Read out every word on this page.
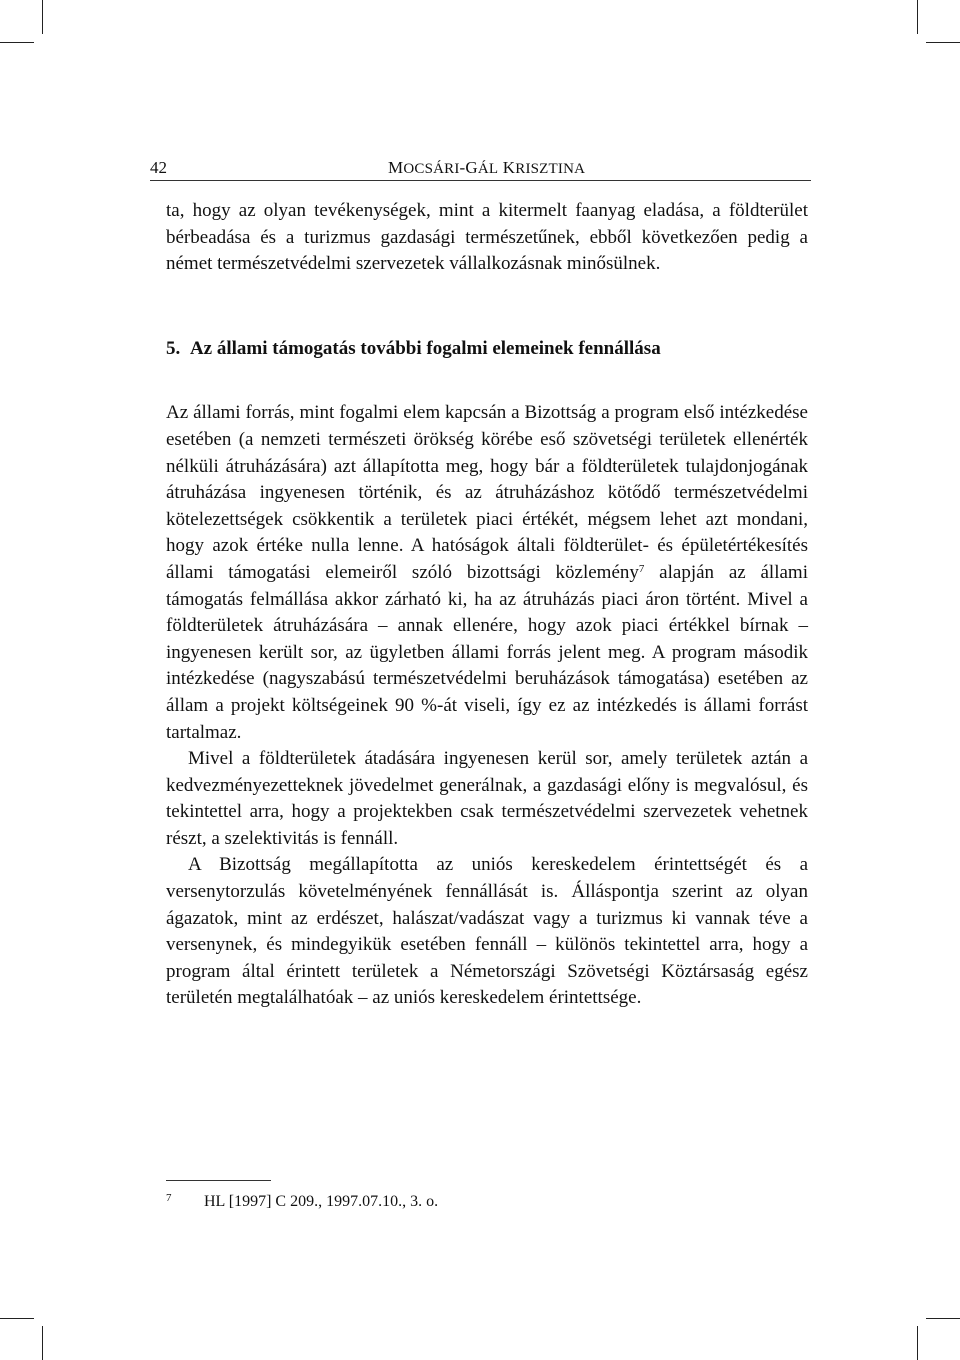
42	MOCSÁRI-GÁL KRISZTINA

ta, hogy az olyan tevékenységek, mint a kitermelt faanyag eladása, a földterület bérbeadása és a turizmus gazdasági természetűnek, ebből következően pedig a német természetvédelmi szervezetek vállalkozásnak minősülnek.

5. Az állami támogatás további fogalmi elemeinek fennállása

Az állami forrás, mint fogalmi elem kapcsán a Bizottság a program első intézkedése esetében (a nemzeti természeti örökség körébe eső szövetségi területek ellenérték nélküli átruházására) azt állapította meg, hogy bár a földterületek tulajdonjogának átruházása ingyenesen történik, és az átruházáshoz kötődő természetvédelmi kötelezettségek csökkentik a területek piaci értékét, mégsem lehet azt mondani, hogy azok értéke nulla lenne. A hatóságok általi földterület- és épületértékesítés állami támogatási elemeiről szóló bizottsági közlemény$^7$ alapján az állami támogatás felmállása akkor zárható ki, ha az átruházás piaci áron történt. Mivel a földterületek átruházására – annak ellenére, hogy azok piaci értékkel bírnak – ingyenesen került sor, az ügyletben állami forrás jelent meg. A program második intézkedése (nagyszabású természetvédelmi beruházások támogatása) esetében az állam a projekt költségeinek 90 %-át viseli, így ez az intézkedés is állami forrást tartalmaz.

Mivel a földterületek átadására ingyenesen kerül sor, amely területek aztán a kedvezményezetteknek jövedelmet generálnak, a gazdasági előny is megvalósul, és tekintettel arra, hogy a projektekben csak természetvédelmi szervezetek vehetnek részt, a szelektivitás is fennáll.

A Bizottság megállapította az uniós kereskedelem érintettségét és a versenytorzulás követelményének fennállását is. Álláspontja szerint az olyan ágazatok, mint az erdészet, halászat/vadászat vagy a turizmus ki vannak téve a versenynek, és mindegyikük esetében fennáll – különös tekintettel arra, hogy a program által érintett területek a Németországi Szövetségi Köztársaság egész területén megtalálhatóak – az uniós kereskedelem érintettsége.

7 HL [1997] C 209., 1997.07.10., 3. o.
